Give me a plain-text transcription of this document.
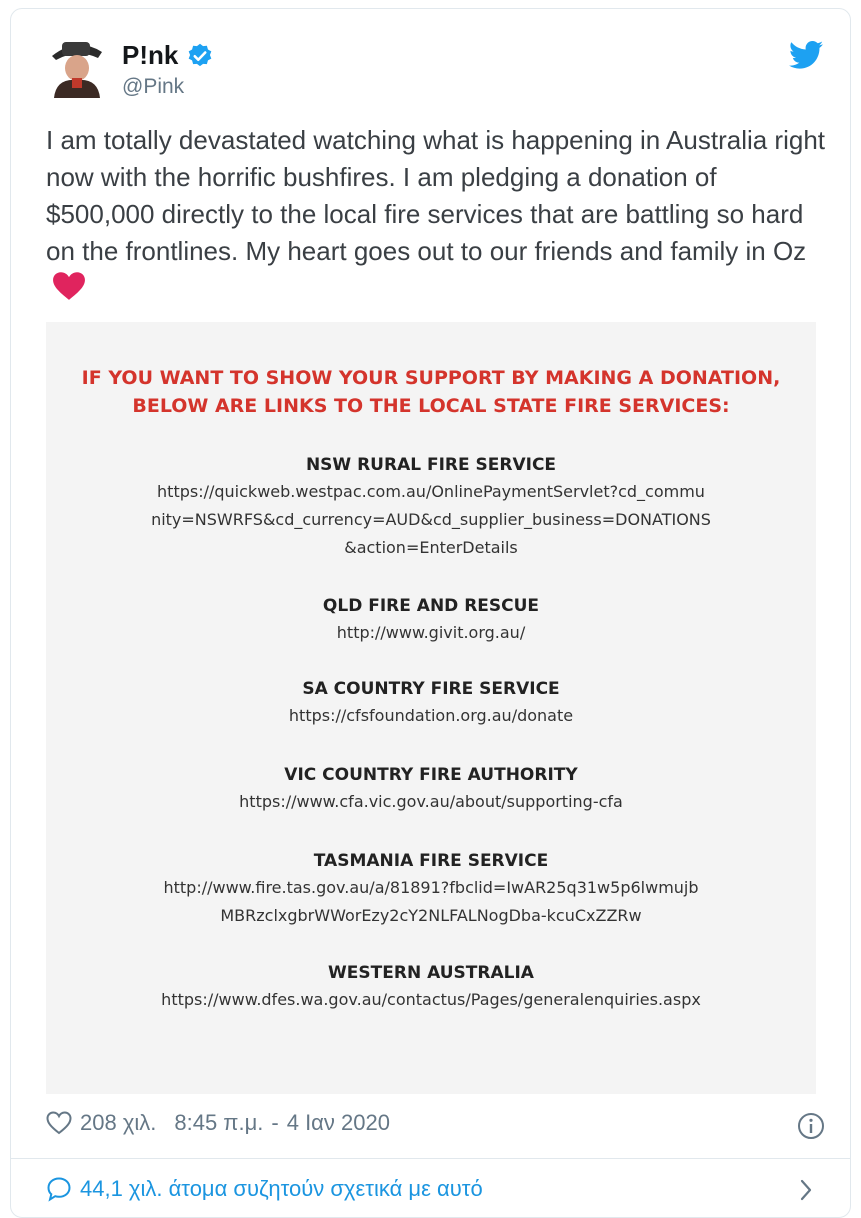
P!nk
@Pink
I am totally devastated watching what is happening in Australia right now with the horrific bushfires. I am pledging a donation of $500,000 directly to the local fire services that are battling so hard on the frontlines. My heart goes out to our friends and family in Oz
IF YOU WANT TO SHOW YOUR SUPPORT BY MAKING A DONATION,
BELOW ARE LINKS TO THE LOCAL STATE FIRE SERVICES:
NSW RURAL FIRE SERVICE
https://quickweb.westpac.com.au/OnlinePaymentServlet?cd_commu
nity=NSWRFS&cd_currency=AUD&cd_supplier_business=DONATIONS
&action=EnterDetails
QLD FIRE AND RESCUE
http://www.givit.org.au/
SA COUNTRY FIRE SERVICE
https://cfsfoundation.org.au/donate
VIC COUNTRY FIRE AUTHORITY
https://www.cfa.vic.gov.au/about/supporting-cfa
TASMANIA FIRE SERVICE
http://www.fire.tas.gov.au/a/81891?fbclid=IwAR25q31w5p6lwmujb
MBRzclxgbrWWorEzy2cY2NLFALNogDba-kcuCxZZRw
WESTERN AUSTRALIA
https://www.dfes.wa.gov.au/contactus/Pages/generalenquiries.aspx
208 χιλ. 8:45 π.μ. - 4 Ιαν 2020
44,1 χιλ. άτομα συζητούν σχετικά με αυτό
